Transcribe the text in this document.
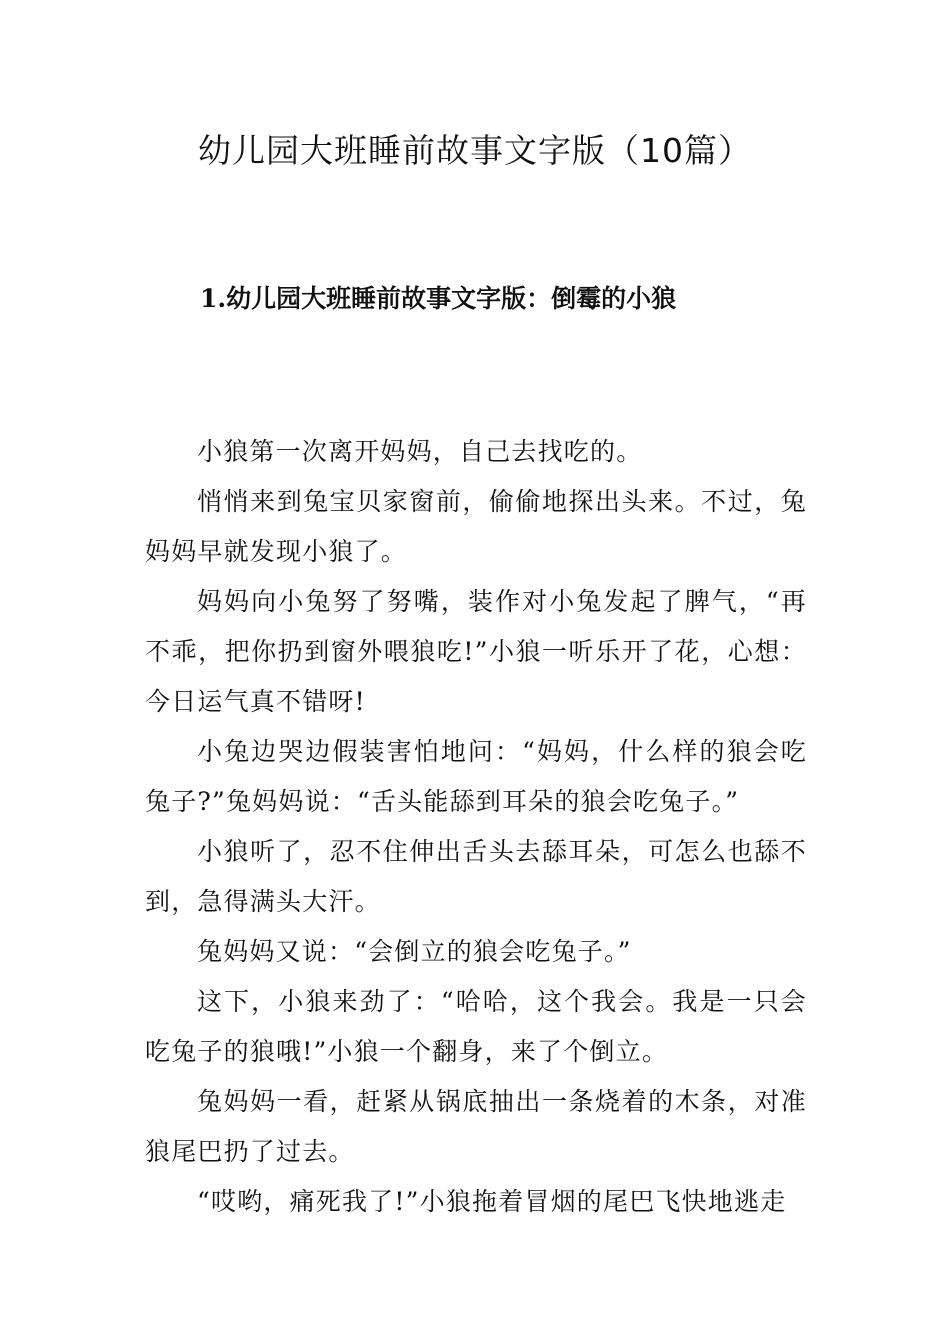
幼儿园大班睡前故事文字版（10篇）
1.幼儿园大班睡前故事文字版：倒霉的小狼

小狼第一次离开妈妈，自己去找吃的。

悄悄来到兔宝贝家窗前，偷偷地探出头来。不过，兔妈妈早就发现小狼了。

妈妈向小兔努了努嘴，装作对小兔发起了脾气，“再不乖，把你扔到窗外喂狼吃!”小狼一听乐开了花，心想：今日运气真不错呀!

小兔边哭边假装害怕地问：“妈妈，什么样的狼会吃兔子?”兔妈妈说：“舌头能舔到耳朵的狼会吃兔子。”

小狼听了，忍不住伸出舌头去舔耳朵，可怎么也舔不到，急得满头大汗。

兔妈妈又说：“会倒立的狼会吃兔子。”

这下，小狼来劲了：“哈哈，这个我会。我是一只会吃兔子的狼哦!”小狼一个翻身，来了个倒立。

兔妈妈一看，赶紧从锅底抽出一条烧着的木条，对准狼尾巴扔了过去。

“哎哟，痛死我了!”小狼拖着冒烟的尾巴飞快地逃走
